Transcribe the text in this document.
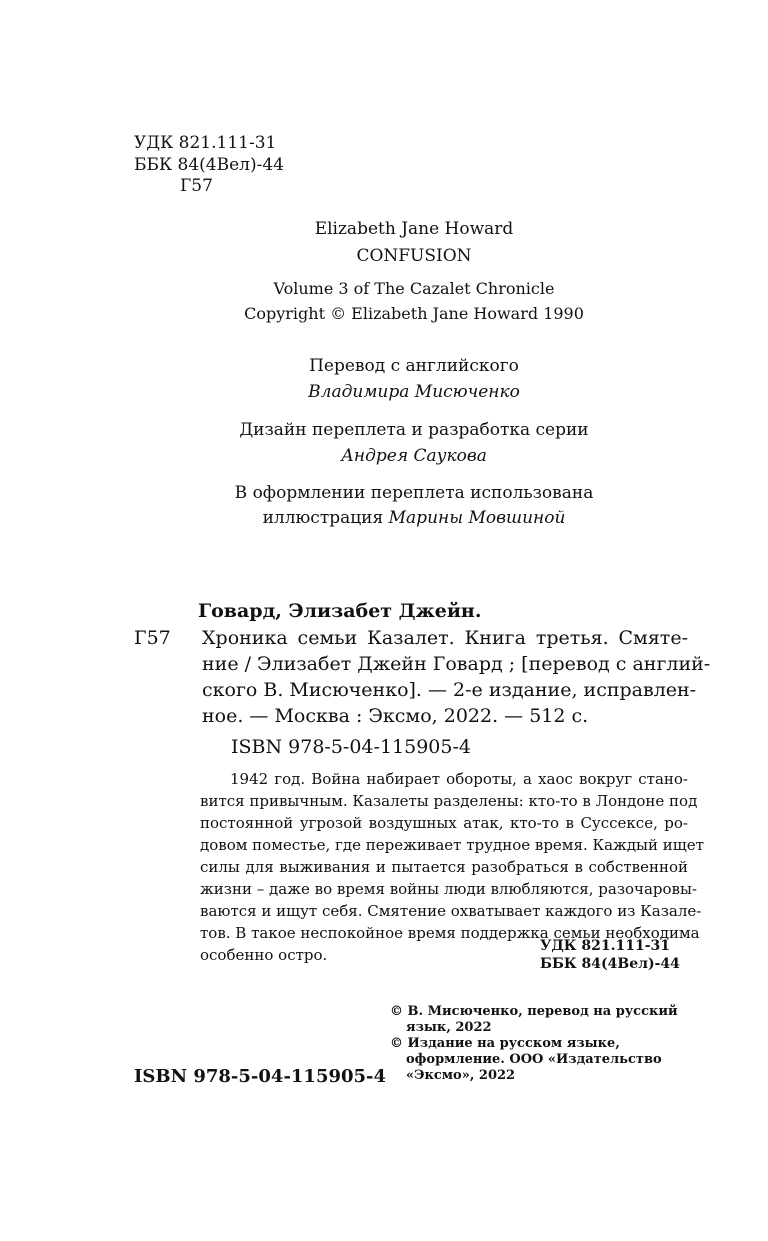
УДК 821.111-31
ББК 84(4Вел)-44
Г57
Elizabeth Jane Howard
CONFUSION
Volume 3 of The Cazalet Chronicle
Copyright © Elizabeth Jane Howard 1990
Перевод с английского
Владимира Мисюченко
Дизайн переплета и разработка серии
Андрея Саукова
В оформлении переплета использована
иллюстрация Марины Мовшиной
Говард, Элизабет Джейн.
Г57 Хроника семьи Казалет. Книга третья. Смяте-
ние / Элизабет Джейн Говард ; [перевод с англий-
ского В. Мисюченко]. — 2-е издание, исправлен-
ное. — Москва : Эксмо, 2022. — 512 с.
ISBN 978-5-04-115905-4
1942 год. Война набирает обороты, а хаос вокруг стано-
вится привычным. Казалеты разделены: кто-то в Лондоне под
постоянной угрозой воздушных атак, кто-то в Суссексе, ро-
довом поместье, где переживает трудное время. Каждый ищет
силы для выживания и пытается разобраться в собственной
жизни – даже во время войны люди влюбляются, разочаровы-
ваются и ищут себя. Смятение охватывает каждого из Казале-
тов. В такое неспокойное время поддержка семьи необходима
особенно остро.	УДК 821.111-31
ББК 84(4Вел)-44
ISBN 978-5-04-115905-4
© В. Мисюченко, перевод на русский
язык, 2022
© Издание на русском языке,
оформление. ООО «Издательство
«Эксмо», 2022
